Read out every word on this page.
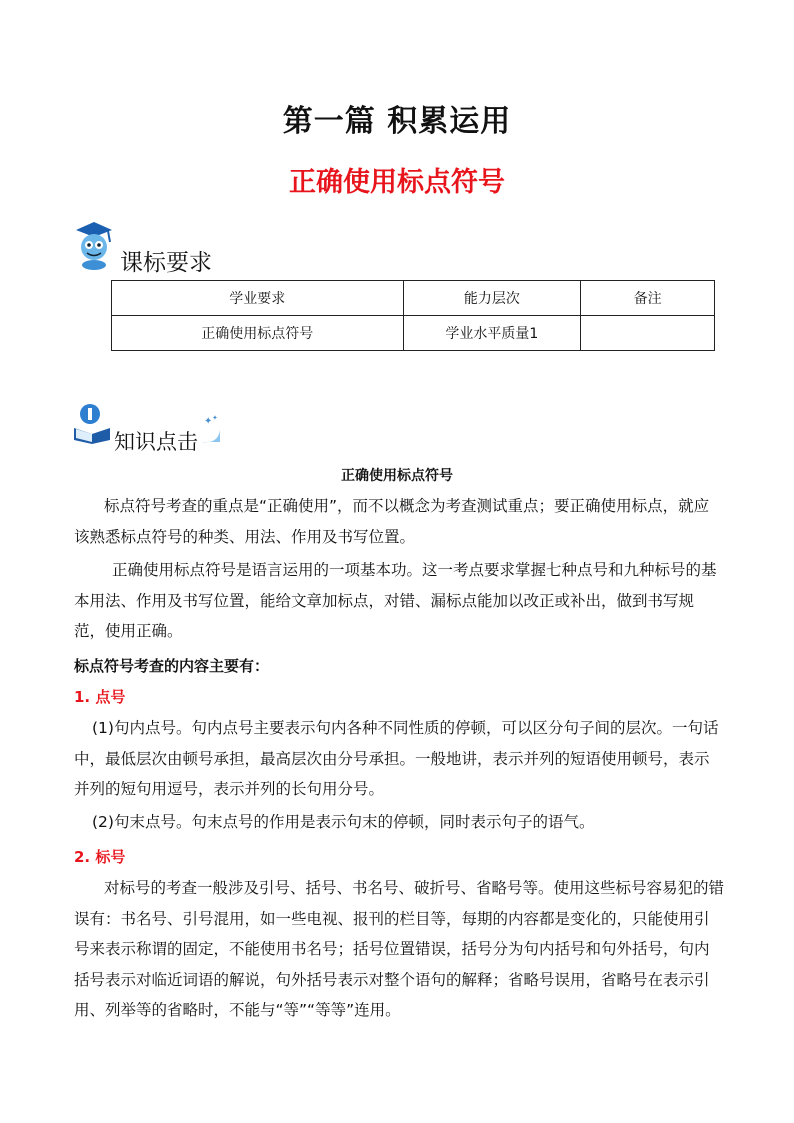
第一篇 积累运用
正确使用标点符号
课标要求
学业要求	能力层次	备注
正确使用标点符号	学业水平质量1	
知识点击
✦ ✦
正确使用标点符号

标点符号考查的重点是“正确使用”，而不以概念为考查测试重点；要正确使用标点，就应该熟悉标点符号的种类、用法、作用及书写位置。

正确使用标点符号是语言运用的一项基本功。这一考点要求掌握七种点号和九种标号的基本用法、作用及书写位置，能给文章加标点，对错、漏标点能加以改正或补出，做到书写规范，使用正确。

标点符号考查的内容主要有：
1. 点号

(1)句内点号。句内点号主要表示句内各种不同性质的停顿，可以区分句子间的层次。一句话中，最低层次由顿号承担，最高层次由分号承担。一般地讲，表示并列的短语使用顿号，表示并列的短句用逗号，表示并列的长句用分号。

(2)句末点号。句末点号的作用是表示句末的停顿，同时表示句子的语气。

2. 标号

对标号的考查一般涉及引号、括号、书名号、破折号、省略号等。使用这些标号容易犯的错误有：书名号、引号混用，如一些电视、报刊的栏目等，每期的内容都是变化的，只能使用引号来表示称谓的固定，不能使用书名号；括号位置错误，括号分为句内括号和句外括号，句内括号表示对临近词语的解说，句外括号表示对整个语句的解释；省略号误用，省略号在表示引用、列举等的省略时，不能与“等”“等等”连用。
